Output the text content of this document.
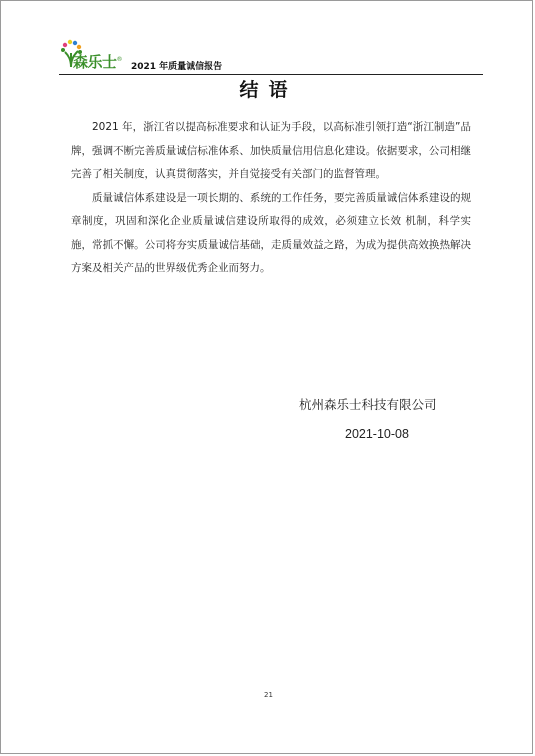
森乐士®
2021 年质量诚信报告
结语

2021 年，浙江省以提高标准要求和认证为手段，以高标准引领打造“浙江制造”品牌，强调不断完善质量诚信标准体系、加快质量信用信息化建设。依据要求，公司相继完善了相关制度，认真贯彻落实，并自觉接受有关部门的监督管理。

质量诚信体系建设是一项长期的、系统的工作任务，要完善质量诚信体系建设的规章制度，巩固和深化企业质量诚信建设所取得的成效，必须建立长效 机制，科学实施，常抓不懈。公司将夯实质量诚信基础，走质量效益之路，为成为提供高效换热解决方案及相关产品的世界级优秀企业而努力。

杭州森乐士科技有限公司
2021-10-08
21
